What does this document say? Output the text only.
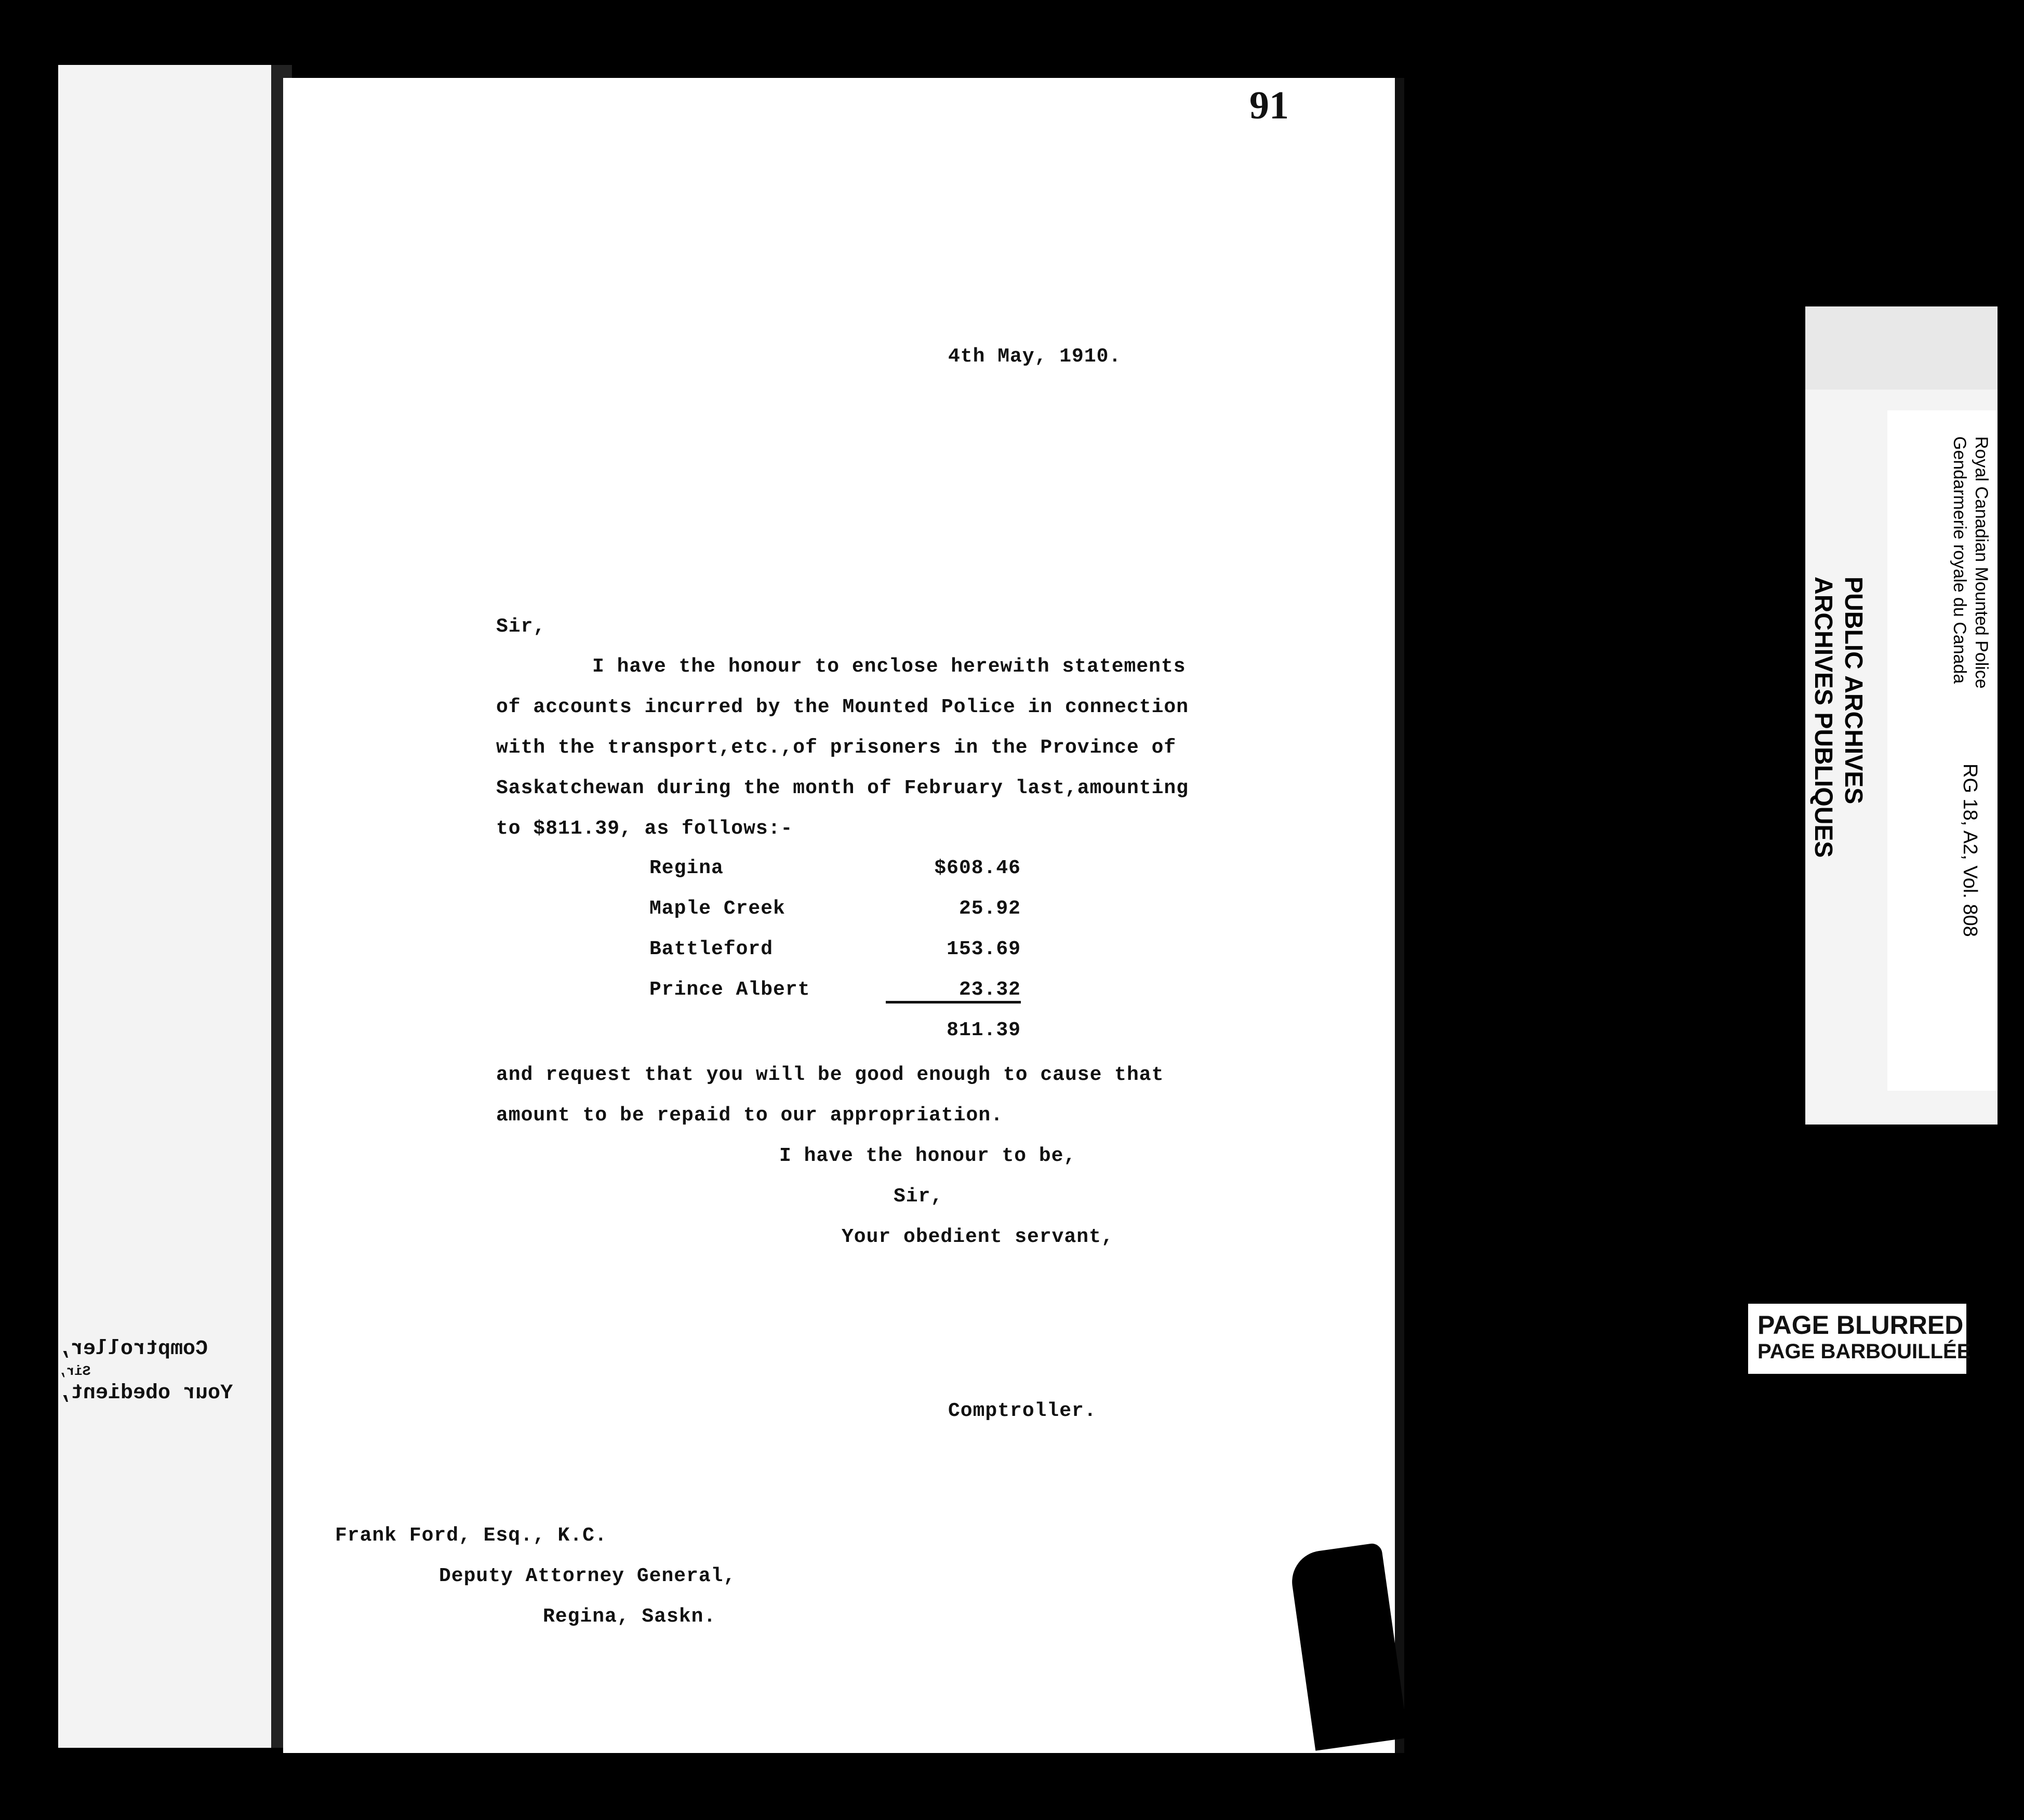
Comptroller,
Sir,
Your obedient,
91
4th May, 1910.
Sir,
I have the honour to enclose herewith statements
of accounts incurred by the Mounted Police in connection
with the transport,etc.,of prisoners in the Province of
Saskatchewan during the month of February last,amounting
to $811.39, as follows:-
Regina	$608.46
Maple Creek	25.92
Battleford	153.69
Prince Albert	23.32
811.39
and request that you will be good enough to cause that
amount to be repaid to our appropriation.
I have the honour to be,
Sir,
Your obedient servant,
Comptroller.
Frank Ford, Esq., K.C.
Deputy Attorney General,
Regina, Saskn.
PUBLIC ARCHIVES
ARCHIVES PUBLIQUES
CANADA
Royal Canadian Mounted Police
Gendarmerie royale du Canada
RG 18, A2, Vol. 808
PAGE BLURRED
PAGE BARBOUILLÉE
